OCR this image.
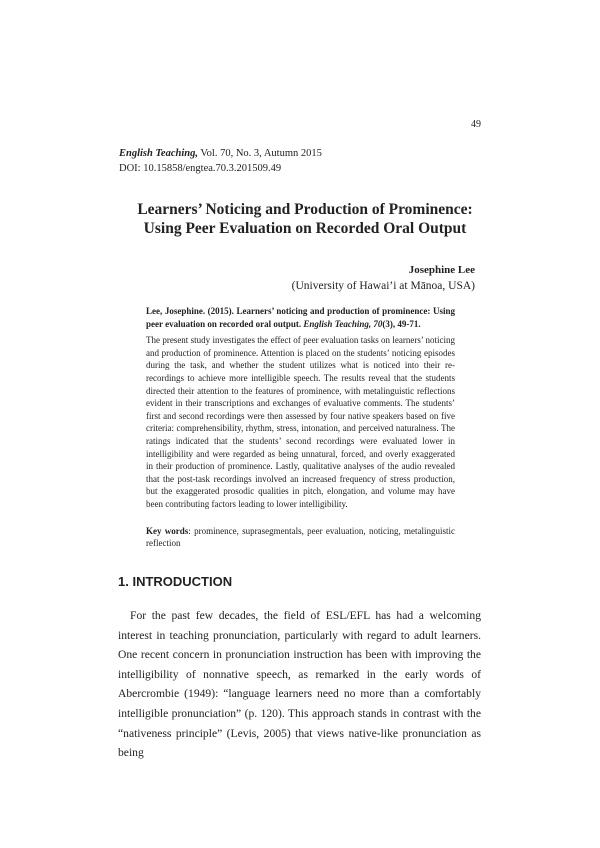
49
English Teaching, Vol. 70, No. 3, Autumn 2015
DOI: 10.15858/engtea.70.3.201509.49
Learners’ Noticing and Production of Prominence:
Using Peer Evaluation on Recorded Oral Output
Josephine Lee
(University of Hawai’i at Mānoa, USA)
Lee, Josephine. (2015). Learners’ noticing and production of prominence: Using peer evaluation on recorded oral output. English Teaching, 70(3), 49-71.

The present study investigates the effect of peer evaluation tasks on learners’ noticing and production of prominence. Attention is placed on the students’ noticing episodes during the task, and whether the student utilizes what is noticed into their re-recordings to achieve more intelligible speech. The results reveal that the students directed their attention to the features of prominence, with metalinguistic reflections evident in their transcriptions and exchanges of evaluative comments. The students’ first and second recordings were then assessed by four native speakers based on five criteria: comprehensibility, rhythm, stress, intonation, and perceived naturalness. The ratings indicated that the students’ second recordings were evaluated lower in intelligibility and were regarded as being unnatural, forced, and overly exaggerated in their production of prominence. Lastly, qualitative analyses of the audio revealed that the post-task recordings involved an increased frequency of stress production, but the exaggerated prosodic qualities in pitch, elongation, and volume may have been contributing factors leading to lower intelligibility.

Key words: prominence, suprasegmentals, peer evaluation, noticing, metalinguistic reflection
1. INTRODUCTION

For the past few decades, the field of ESL/EFL has had a welcoming interest in teaching pronunciation, particularly with regard to adult learners. One recent concern in pronunciation instruction has been with improving the intelligibility of nonnative speech, as remarked in the early words of Abercrombie (1949): “language learners need no more than a comfortably intelligible pronunciation” (p. 120). This approach stands in contrast with the “nativeness principle” (Levis, 2005) that views native-like pronunciation as being
